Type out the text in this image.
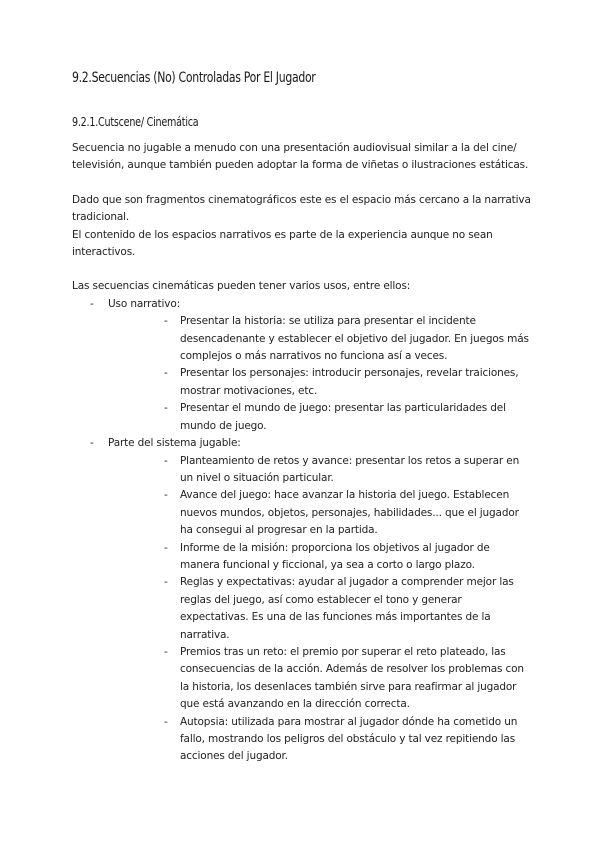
9.2.Secuencias (No) Controladas Por El Jugador
9.2.1.Cutscene/ Cinemática

Secuencia no jugable a menudo con una presentación audiovisual similar a la del cine/ televisión, aunque también pueden adoptar la forma de viñetas o ilustraciones estáticas.

Dado que son fragmentos cinematográficos este es el espacio más cercano a la narrativa tradicional.

El contenido de los espacios narrativos es parte de la experiencia aunque no sean interactivos.

Las secuencias cinemáticas pueden tener varios usos, entre ellos:

- Uso narrativo:
- Presentar la historia: se utiliza para presentar el incidente desencadenante y establecer el objetivo del jugador. En juegos más complejos o más narrativos no funciona así a veces.
- Presentar los personajes: introducir personajes, revelar traiciones, mostrar motivaciones, etc.
- Presentar el mundo de juego: presentar las particularidades del mundo de juego.
- Parte del sistema jugable:
- Planteamiento de retos y avance: presentar los retos a superar en un nivel o situación particular.
- Avance del juego: hace avanzar la historia del juego. Establecen nuevos mundos, objetos, personajes, habilidades... que el jugador ha consegui al progresar en la partida.
- Informe de la misión: proporciona los objetivos al jugador de manera funcional y ficcional, ya sea a corto o largo plazo.
- Reglas y expectativas: ayudar al jugador a comprender mejor las reglas del juego, así como establecer el tono y generar expectativas. Es una de las funciones más importantes de la narrativa.
- Premios tras un reto: el premio por superar el reto plateado, las consecuencias de la acción. Además de resolver los problemas con la historia, los desenlaces también sirve para reafirmar al jugador que está avanzando en la dirección correcta.
- Autopsia: utilizada para mostrar al jugador dónde ha cometido un fallo, mostrando los peligros del obstáculo y tal vez repitiendo las acciones del jugador.
